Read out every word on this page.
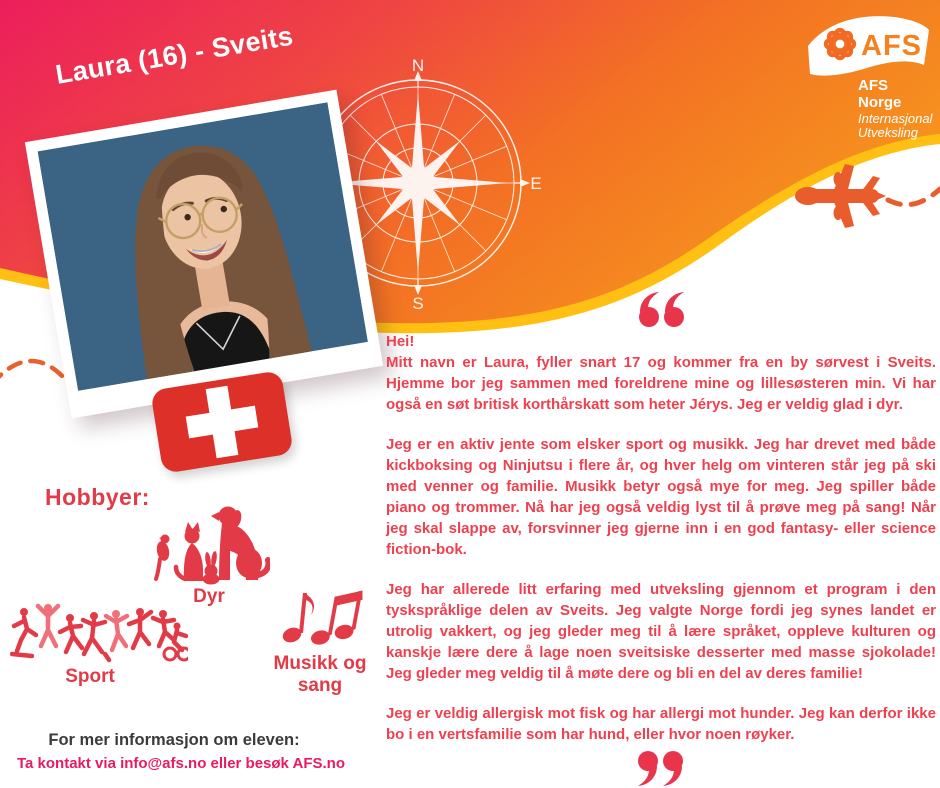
N
E
S
AFS
AFS Norge
Internasjonal
Utveksling
Laura (16) - Sveits
Hobbyer:
Dyr
Sport
Musikk og sang
For mer informasjon om eleven:
Ta kontakt via info@afs.no eller besøk AFS.no
Hei!

Mitt navn er Laura, fyller snart 17 og kommer fra en by sørvest i Sveits. Hjemme bor jeg sammen med foreldrene mine og lillesøsteren min. Vi har også en søt britisk korthårskatt som heter Jérys. Jeg er veldig glad i dyr.

Jeg er en aktiv jente som elsker sport og musikk. Jeg har drevet med både kickboksing og Ninjutsu i flere år, og hver helg om vinteren står jeg på ski med venner og familie. Musikk betyr også mye for meg. Jeg spiller både piano og trommer. Nå har jeg også veldig lyst til å prøve meg på sang! Når jeg skal slappe av, forsvinner jeg gjerne inn i en god fantasy- eller science fiction-bok.

Jeg har allerede litt erfaring med utveksling gjennom et program i den tyskspråklige delen av Sveits. Jeg valgte Norge fordi jeg synes landet er utrolig vakkert, og jeg gleder meg til å lære språket, oppleve kulturen og kanskje lære dere å lage noen sveitsiske desserter med masse sjokolade! Jeg gleder meg veldig til å møte dere og bli en del av deres familie!

Jeg er veldig allergisk mot fisk og har allergi mot hunder. Jeg kan derfor ikke bo i en vertsfamilie som har hund, eller hvor noen røyker.
